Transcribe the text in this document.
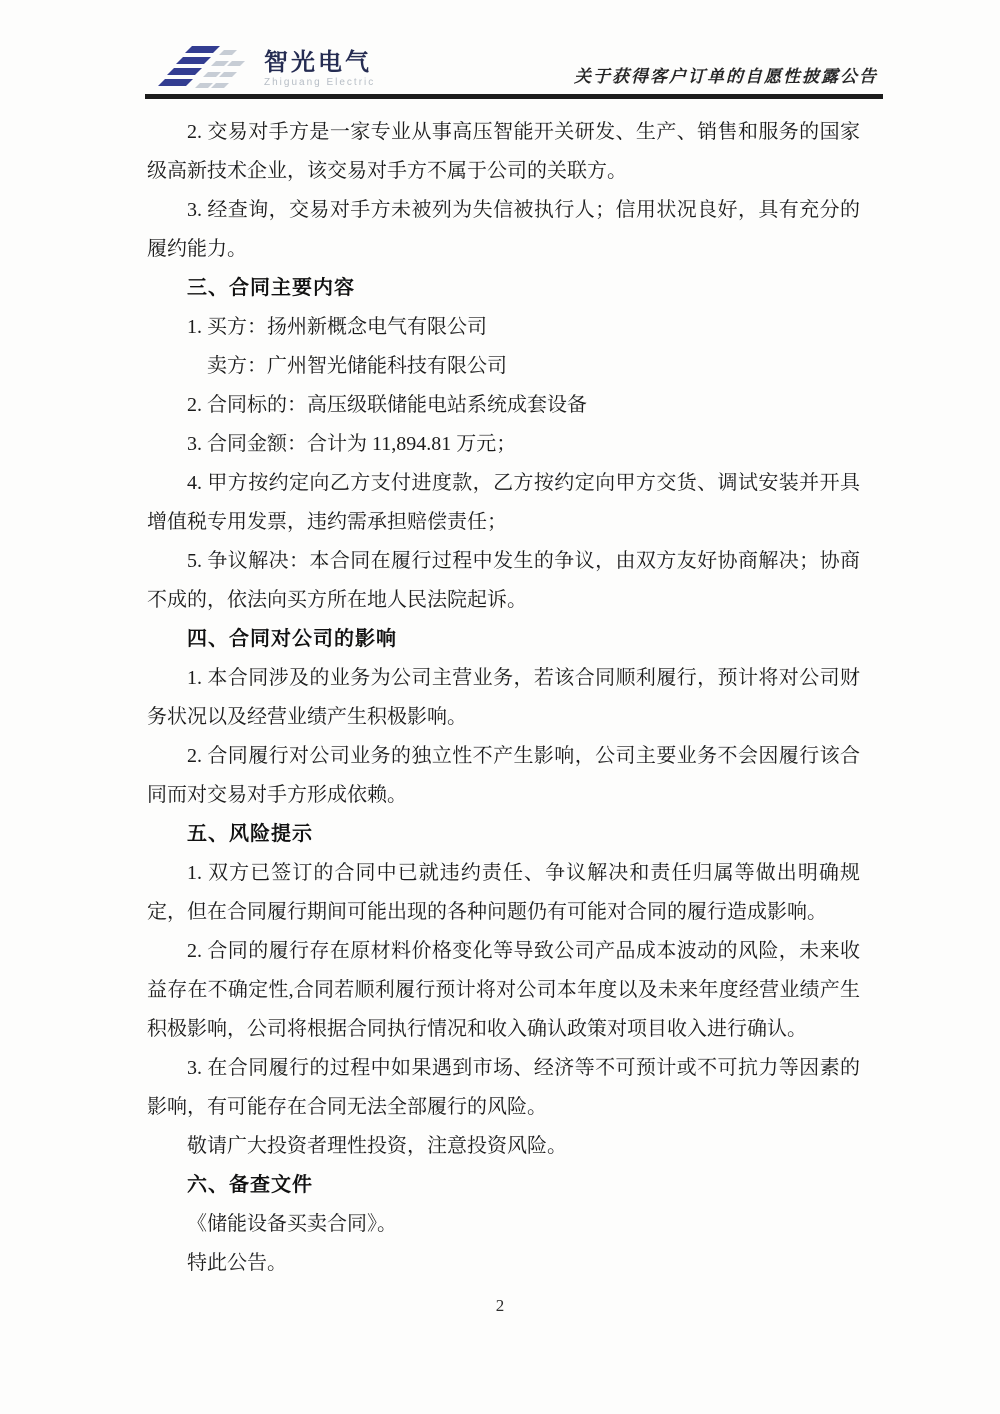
智光电气
Zhiguang Electric	关于获得客户订单的自愿性披露公告

2. 交易对手方是一家专业从事高压智能开关研发、生产、销售和服务的国家级高新技术企业，该交易对手方不属于公司的关联方。

3. 经查询，交易对手方未被列为失信被执行人；信用状况良好，具有充分的履约能力。

三、合同主要内容

1. 买方：扬州新概念电气有限公司

卖方：广州智光储能科技有限公司

2. 合同标的：高压级联储能电站系统成套设备

3. 合同金额：合计为 11,894.81 万元；

4. 甲方按约定向乙方支付进度款，乙方按约定向甲方交货、调试安装并开具增值税专用发票，违约需承担赔偿责任；

5. 争议解决：本合同在履行过程中发生的争议，由双方友好协商解决；协商不成的，依法向买方所在地人民法院起诉。

四、合同对公司的影响

1. 本合同涉及的业务为公司主营业务，若该合同顺利履行，预计将对公司财务状况以及经营业绩产生积极影响。

2. 合同履行对公司业务的独立性不产生影响，公司主要业务不会因履行该合同而对交易对手方形成依赖。

五、风险提示

1. 双方已签订的合同中已就违约责任、争议解决和责任归属等做出明确规定，但在合同履行期间可能出现的各种问题仍有可能对合同的履行造成影响。

2. 合同的履行存在原材料价格变化等导致公司产品成本波动的风险，未来收益存在不确定性,合同若顺利履行预计将对公司本年度以及未来年度经营业绩产生积极影响，公司将根据合同执行情况和收入确认政策对项目收入进行确认。

3. 在合同履行的过程中如果遇到市场、经济等不可预计或不可抗力等因素的影响，有可能存在合同无法全部履行的风险。

敬请广大投资者理性投资，注意投资风险。

六、备查文件

《储能设备买卖合同》。

特此公告。

2
